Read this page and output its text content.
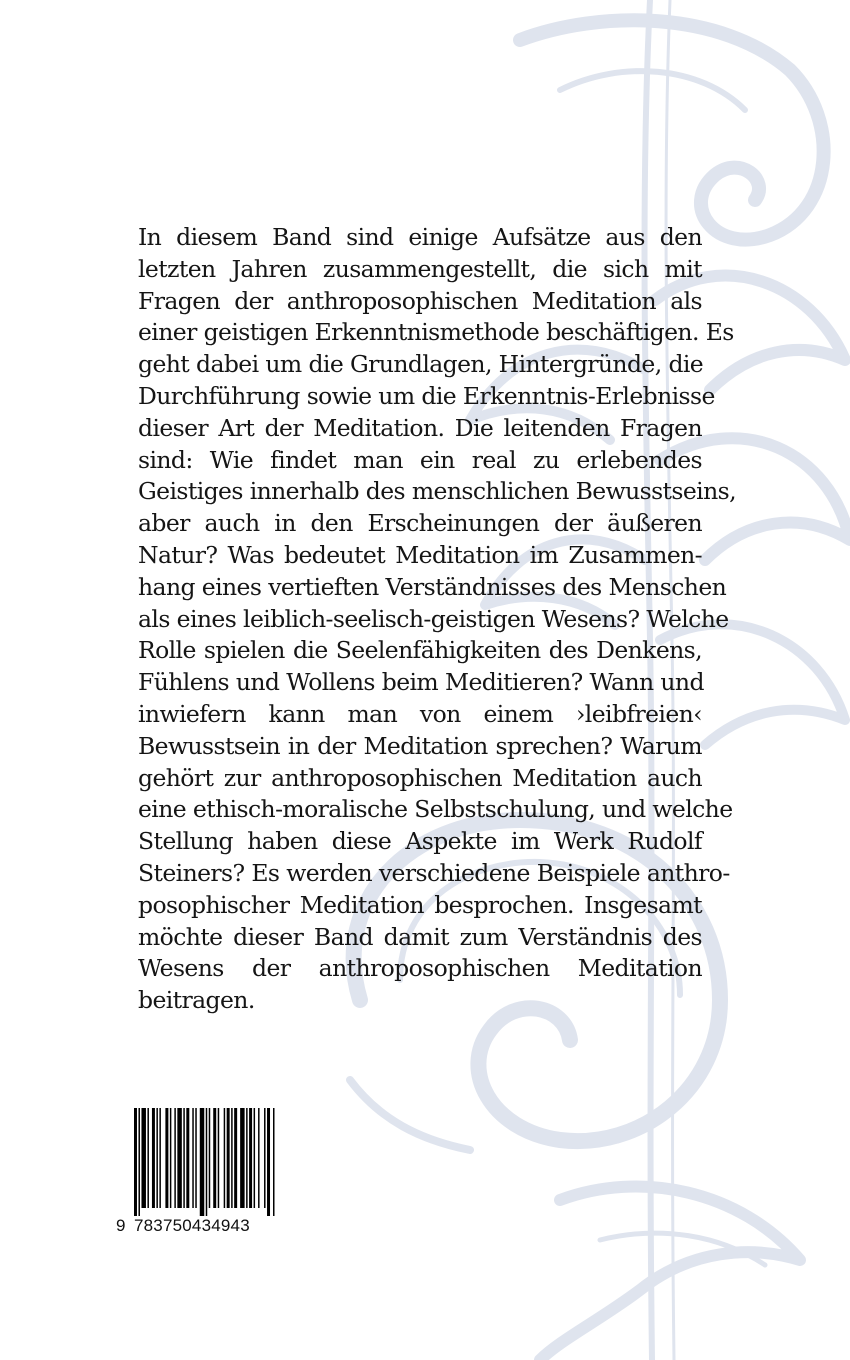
In diesem Band sind einige Aufsätze aus den
letzten Jahren zusammengestellt, die sich mit
Fragen der anthroposophischen Meditation als
einer geistigen Erkenntnismethode beschäftigen. Es
geht dabei um die Grundlagen, Hintergründe, die
Durchführung sowie um die Erkenntnis-Erlebnisse
dieser Art der Meditation. Die leitenden Fragen
sind: Wie findet man ein real zu erlebendes
Geistiges innerhalb des menschlichen Bewusstseins,
aber auch in den Erscheinungen der äußeren
Natur? Was bedeutet Meditation im Zusammen-
hang eines vertieften Verständnisses des Menschen
als eines leiblich-seelisch-geistigen Wesens? Welche
Rolle spielen die Seelenfähigkeiten des Denkens,
Fühlens und Wollens beim Meditieren? Wann und
inwiefern kann man von einem ›leibfreien‹
Bewusstsein in der Meditation sprechen? Warum
gehört zur anthroposophischen Meditation auch
eine ethisch-moralische Selbstschulung, und welche
Stellung haben diese Aspekte im Werk Rudolf
Steiners? Es werden verschiedene Beispiele anthro-
posophischer Meditation besprochen. Insgesamt
möchte dieser Band damit zum Verständnis des
Wesens der anthroposophischen Meditation
beitragen.
9 783750434943
